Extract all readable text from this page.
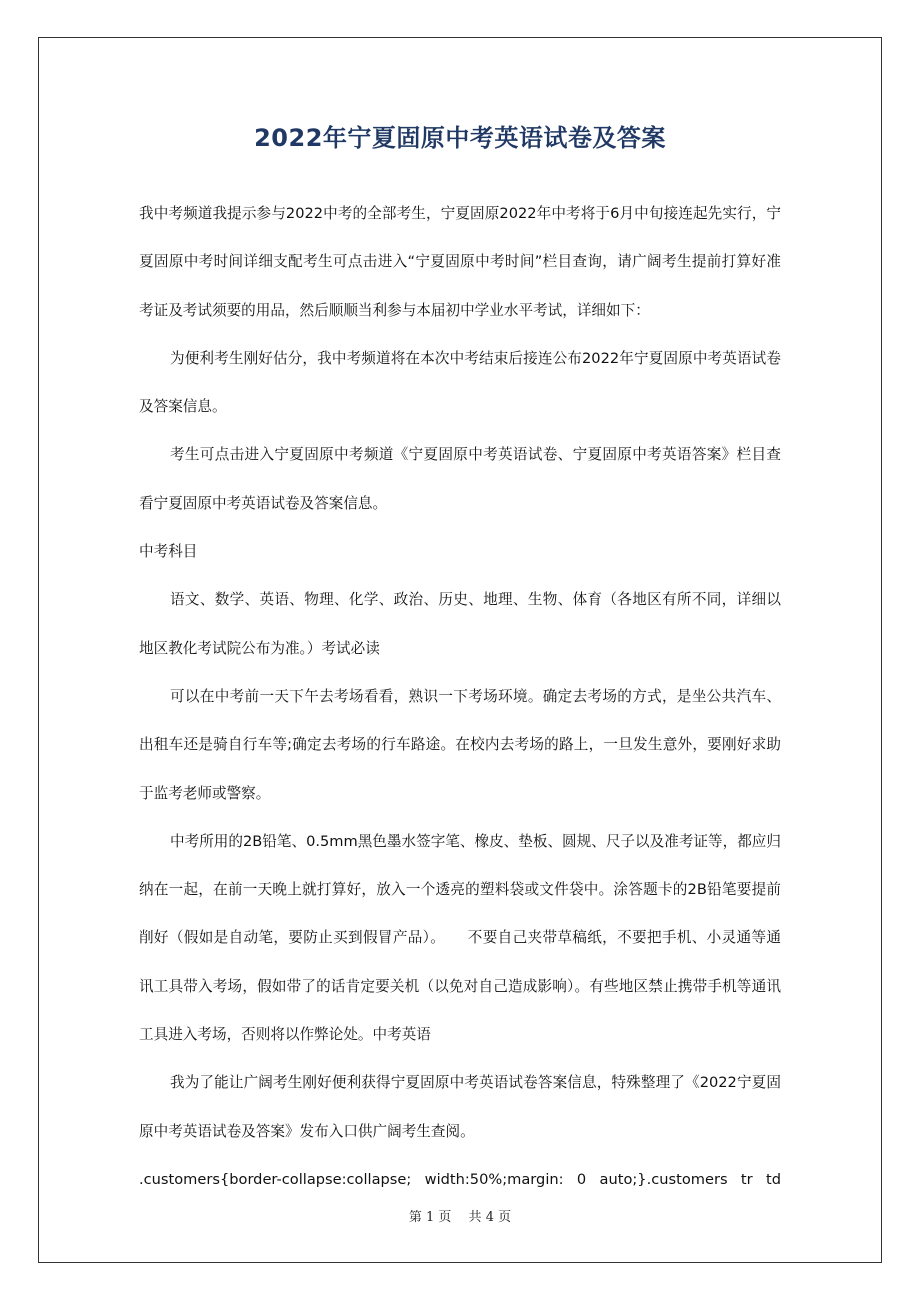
2022年宁夏固原中考英语试卷及答案

我中考频道我提示参与2022中考的全部考生，宁夏固原2022年中考将于6月中旬接连起先实行，宁夏固原中考时间详细支配考生可点击进入“宁夏固原中考时间”栏目查询，请广阔考生提前打算好准考证及考试须要的用品，然后顺顺当利参与本届初中学业水平考试，详细如下：

为便利考生刚好估分，我中考频道将在本次中考结束后接连公布2022年宁夏固原中考英语试卷及答案信息。

考生可点击进入宁夏固原中考频道《宁夏固原中考英语试卷、宁夏固原中考英语答案》栏目查看宁夏固原中考英语试卷及答案信息。

中考科目

语文、数学、英语、物理、化学、政治、历史、地理、生物、体育（各地区有所不同，详细以地区教化考试院公布为准。）考试必读

可以在中考前一天下午去考场看看，熟识一下考场环境。确定去考场的方式，是坐公共汽车、出租车还是骑自行车等;确定去考场的行车路途。在校内去考场的路上，一旦发生意外，要刚好求助于监考老师或警察。

中考所用的2B铅笔、0.5mm黑色墨水签字笔、橡皮、垫板、圆规、尺子以及准考证等，都应归纳在一起，在前一天晚上就打算好，放入一个透亮的塑料袋或文件袋中。涂答题卡的2B铅笔要提前削好（假如是自动笔，要防止买到假冒产品）。　　不要自己夹带草稿纸，不要把手机、小灵通等通讯工具带入考场，假如带了的话肯定要关机（以免对自己造成影响）。有些地区禁止携带手机等通讯工具进入考场，否则将以作弊论处。中考英语

我为了能让广阔考生刚好便利获得宁夏固原中考英语试卷答案信息，特殊整理了《2022宁夏固原中考英语试卷及答案》发布入口供广阔考生查阅。

.customers{border-collapse:collapse; width:50%;margin: 0 auto;}.customers tr td

第 1 页　 共 4 页
